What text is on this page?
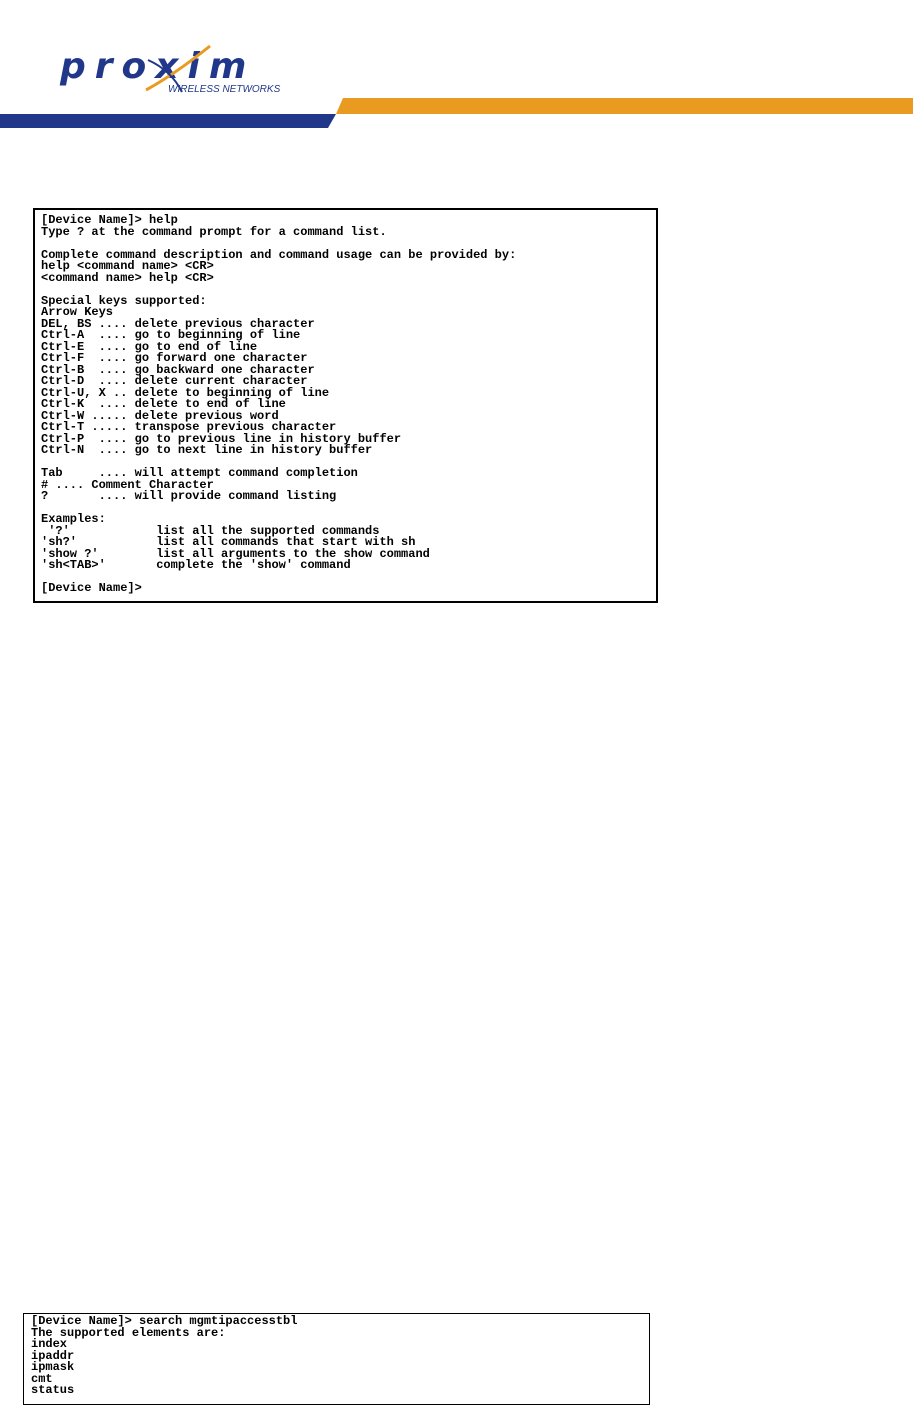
proxim
WIRELESS NETWORKS
[Device Name]> help
Type ? at the command prompt for a command list.

Complete command description and command usage can be provided by:
help <command name> <CR>
<command name> help <CR>

Special keys supported:
Arrow Keys
DEL, BS .... delete previous character
Ctrl-A  .... go to beginning of line
Ctrl-E  .... go to end of line
Ctrl-F  .... go forward one character
Ctrl-B  .... go backward one character
Ctrl-D  .... delete current character
Ctrl-U, X .. delete to beginning of line
Ctrl-K  .... delete to end of line
Ctrl-W ..... delete previous word
Ctrl-T ..... transpose previous character
Ctrl-P  .... go to previous line in history buffer
Ctrl-N  .... go to next line in history buffer

Tab     .... will attempt command completion
# .... Comment Character
?       .... will provide command listing

Examples:
'?'            list all the supported commands
'sh?'           list all commands that start with sh
'show ?'        list all arguments to the show command
'sh<TAB>'       complete the 'show' command

[Device Name]>
[Device Name]> search mgmtipaccesstbl
The supported elements are:
index
ipaddr
ipmask
cmt
status
